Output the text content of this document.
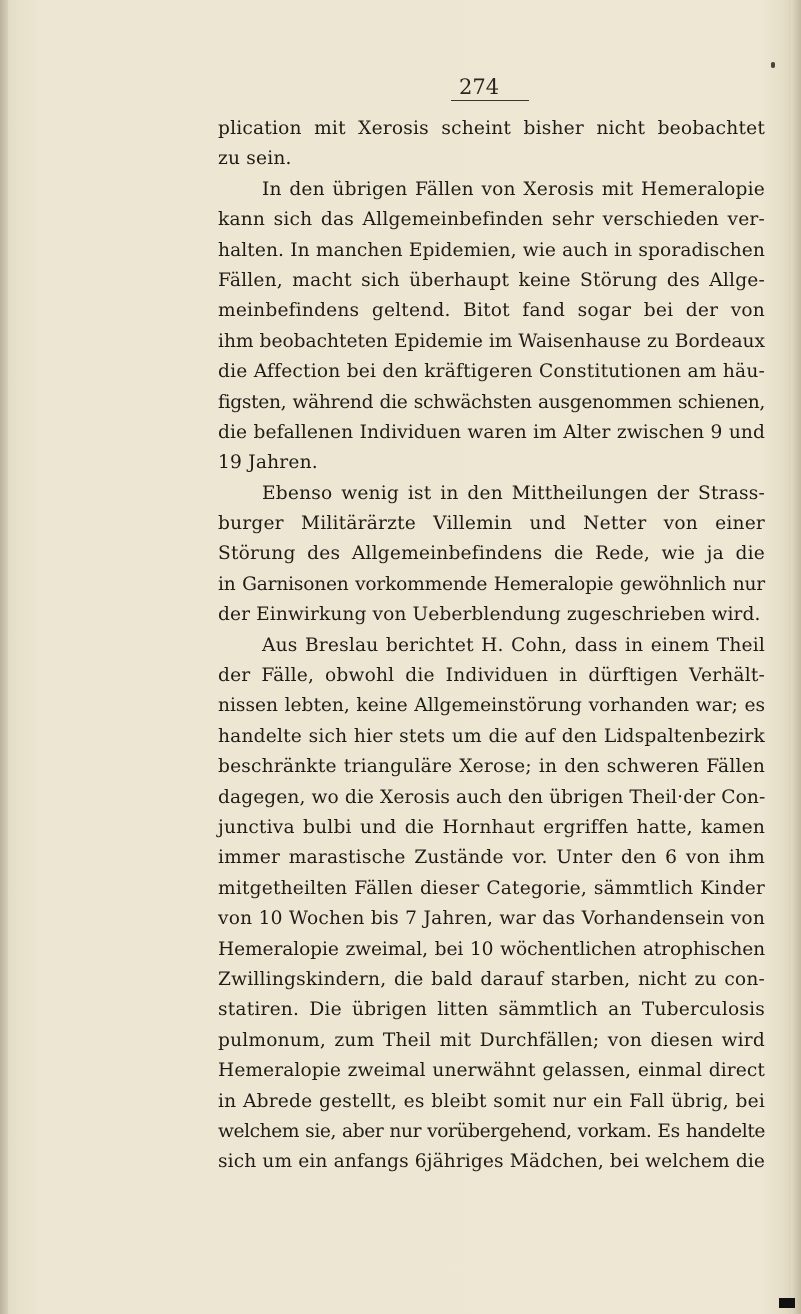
274
plication mit Xerosis scheint bisher nicht beobachtet
zu sein.
In den übrigen Fällen von Xerosis mit Hemeralopie
kann sich das Allgemeinbefinden sehr verschieden ver-
halten. In manchen Epidemien, wie auch in sporadischen
Fällen, macht sich überhaupt keine Störung des Allge-
meinbefindens geltend. Bitot fand sogar bei der von
ihm beobachteten Epidemie im Waisenhause zu Bordeaux
die Affection bei den kräftigeren Constitutionen am häu-
figsten, während die schwächsten ausgenommen schienen,
die befallenen Individuen waren im Alter zwischen 9 und
19 Jahren.
Ebenso wenig ist in den Mittheilungen der Strass-
burger Militärärzte Villemin und Netter von einer
Störung des Allgemeinbefindens die Rede, wie ja die
in Garnisonen vorkommende Hemeralopie gewöhnlich nur
der Einwirkung von Ueberblendung zugeschrieben wird.
Aus Breslau berichtet H. Cohn, dass in einem Theil
der Fälle, obwohl die Individuen in dürftigen Verhält-
nissen lebten, keine Allgemeinstörung vorhanden war; es
handelte sich hier stets um die auf den Lidspaltenbezirk
beschränkte trianguläre Xerose; in den schweren Fällen
dagegen, wo die Xerosis auch den übrigen Theil·der Con-
junctiva bulbi und die Hornhaut ergriffen hatte, kamen
immer marastische Zustände vor. Unter den 6 von ihm
mitgetheilten Fällen dieser Categorie, sämmtlich Kinder
von 10 Wochen bis 7 Jahren, war das Vorhandensein von
Hemeralopie zweimal, bei 10 wöchentlichen atrophischen
Zwillingskindern, die bald darauf starben, nicht zu con-
statiren. Die übrigen litten sämmtlich an Tuberculosis
pulmonum, zum Theil mit Durchfällen; von diesen wird
Hemeralopie zweimal unerwähnt gelassen, einmal direct
in Abrede gestellt, es bleibt somit nur ein Fall übrig, bei
welchem sie, aber nur vorübergehend, vorkam. Es handelte
sich um ein anfangs 6jähriges Mädchen, bei welchem die
